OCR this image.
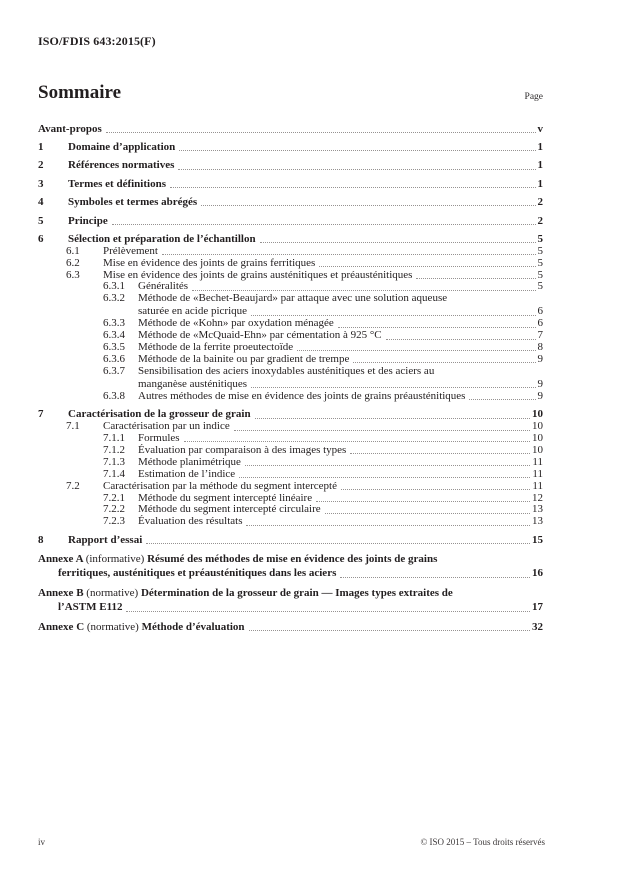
ISO/FDIS 643:2015(F)
Sommaire	Page
Avant-propos	v
1	Domaine d’application	1
2	Références normatives	1
3	Termes et définitions	1
4	Symboles et termes abrégés	2
5	Principe	2
6	Sélection et préparation de l’échantillon	5
6.1	Prélèvement	5
6.2	Mise en évidence des joints de grains ferritiques	5
6.3	Mise en évidence des joints de grains austénitiques et préausténitiques	5
6.3.1	Généralités	5
6.3.2	Méthode de «Bechet-Beaujard» par attaque avec une solution aqueuse
saturée en acide picrique	6
6.3.3	Méthode de «Kohn» par oxydation ménagée	6
6.3.4	Méthode de «McQuaid-Ehn» par cémentation à 925 °C	7
6.3.5	Méthode de la ferrite proeutectoïde	8
6.3.6	Méthode de la bainite ou par gradient de trempe	9
6.3.7	Sensibilisation des aciers inoxydables austénitiques et des aciers au
manganèse austénitiques	9
6.3.8	Autres méthodes de mise en évidence des joints de grains préausténitiques	9
7	Caractérisation de la grosseur de grain	10
7.1	Caractérisation par un indice	10
7.1.1	Formules	10
7.1.2	Évaluation par comparaison à des images types	10
7.1.3	Méthode planimétrique	11
7.1.4	Estimation de l’indice	11
7.2	Caractérisation par la méthode du segment intercepté	11
7.2.1	Méthode du segment intercepté linéaire	12
7.2.2	Méthode du segment intercepté circulaire	13
7.2.3	Évaluation des résultats	13
8	Rapport d’essai	15
Annexe A (informative) Résumé des méthodes de mise en évidence des joints de grains
ferritiques, austénitiques et préausténitiques dans les aciers	16
Annexe B (normative) Détermination de la grosseur de grain — Images types extraites de
l’ASTM E112	17
Annexe C (normative) Méthode d’évaluation	32
iv	© ISO 2015 – Tous droits réservés
